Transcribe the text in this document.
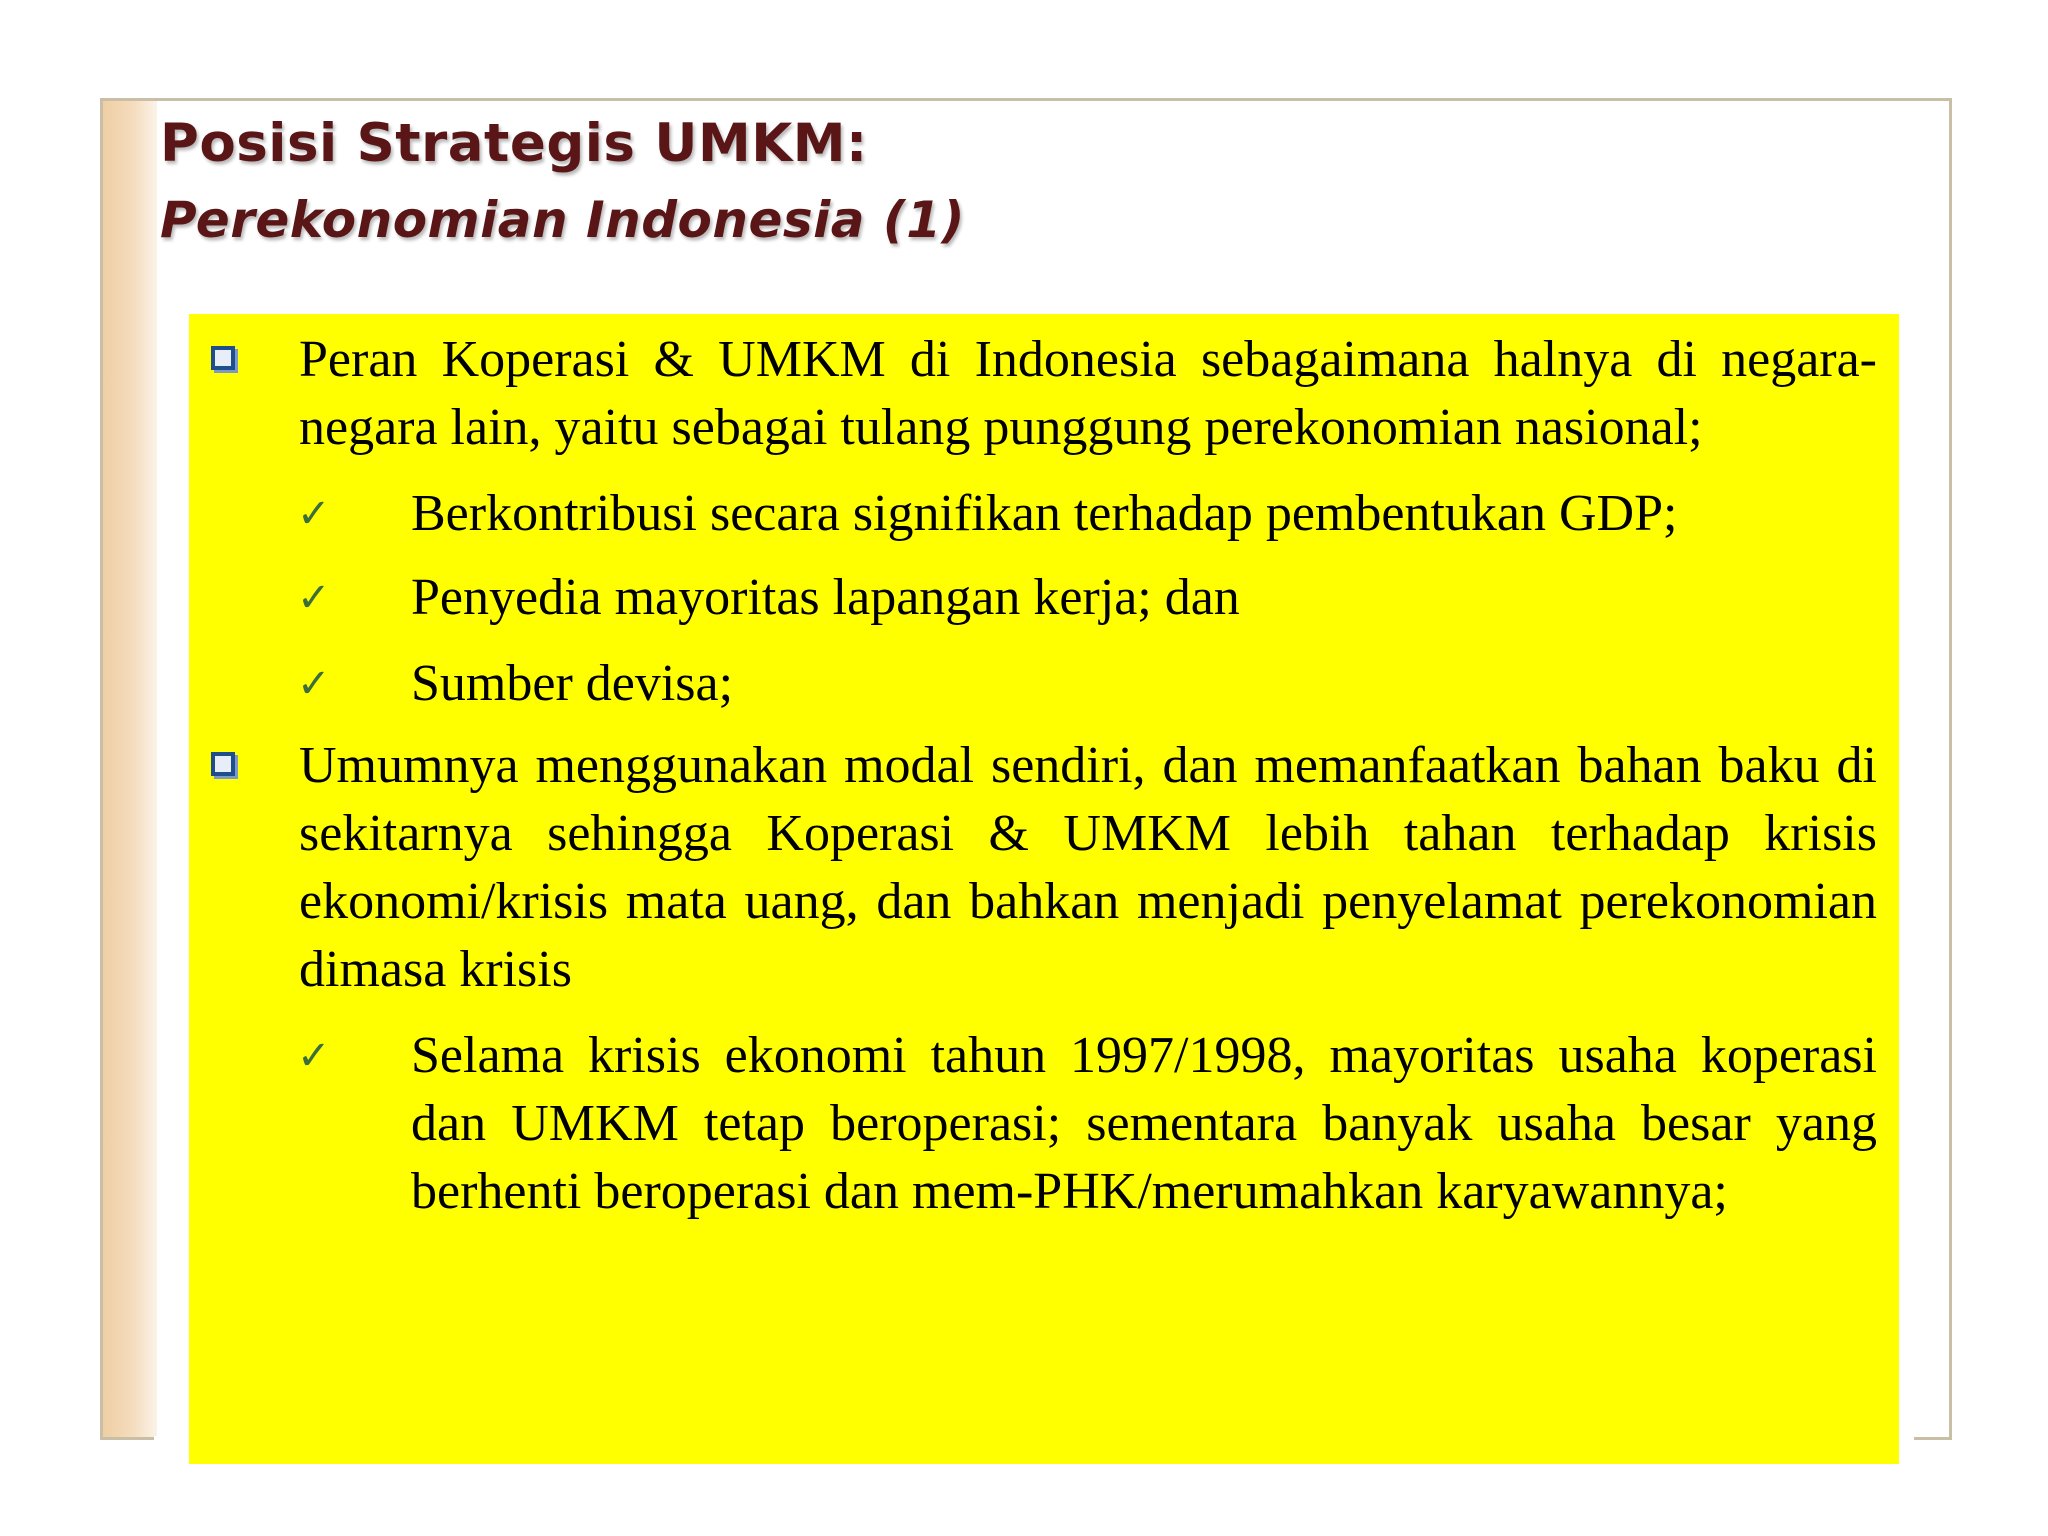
Posisi Strategis UMKM:
Perekonomian Indonesia (1)
Peran Koperasi & UMKM di Indonesia sebagaimana halnya di negara-negara lain, yaitu sebagai tulang punggung perekonomian nasional;
✓ Berkontribusi secara signifikan terhadap pembentukan GDP;
✓ Penyedia mayoritas lapangan kerja; dan
✓ Sumber devisa;
Umumnya menggunakan modal sendiri, dan memanfaatkan bahan baku di sekitarnya sehingga Koperasi & UMKM lebih tahan terhadap krisis ekonomi/krisis mata uang, dan bahkan menjadi penyelamat perekonomian dimasa krisis
✓ Selama krisis ekonomi tahun 1997/1998, mayoritas usaha koperasi dan UMKM tetap beroperasi; sementara banyak usaha besar yang berhenti beroperasi dan mem-PHK/merumahkan karyawannya;
